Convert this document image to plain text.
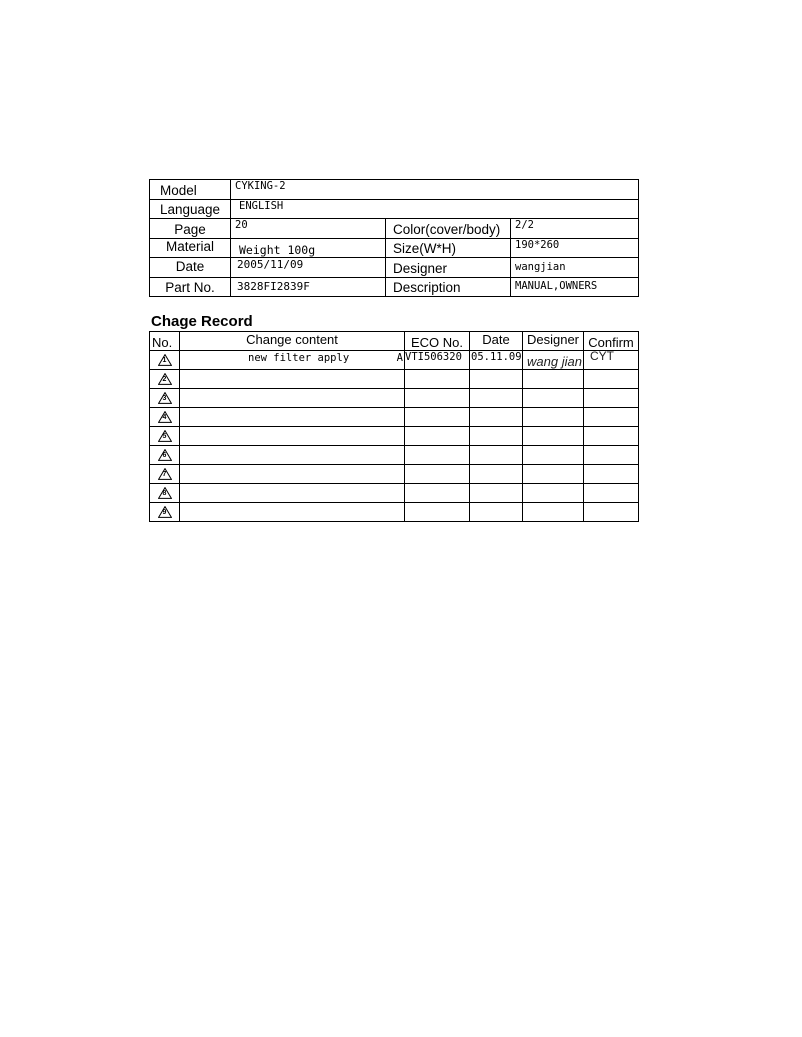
Model	CYKING-2		
Language	ENGLISH		
Page	20	Color(cover/body)	2/2
Material	Weight 100g	Size(W*H)	190*260
Date	2005/11/09	Designer	wangjian
Part No.	3828FI2839F	Description	MANUAL,OWNERS
Chage Record
No.	Change content	ECO No.	Date	Designer	Confirm

1	new filter apply A	VTI506320	05.11.09	wang jian	CYT

2					

3					

4					

5					

6					

7					

8					

9					
